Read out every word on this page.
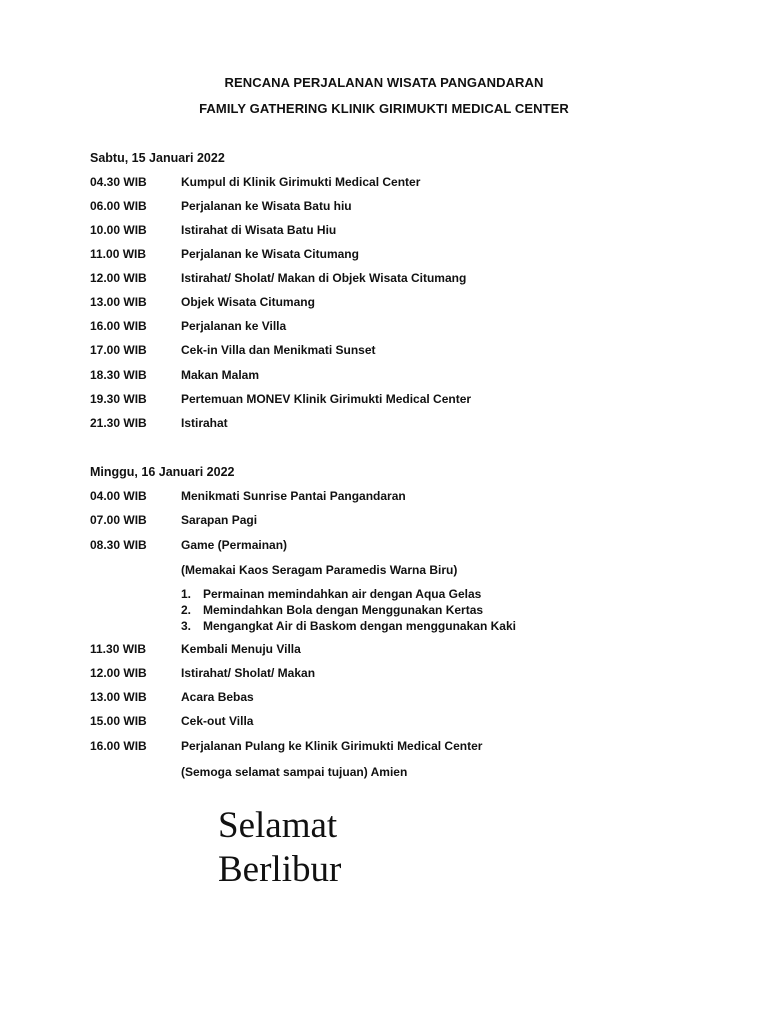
RENCANA PERJALANAN WISATA PANGANDARAN
FAMILY GATHERING KLINIK GIRIMUKTI MEDICAL CENTER
Sabtu, 15 Januari 2022
04.30 WIB	Kumpul di Klinik Girimukti Medical Center
06.00 WIB	Perjalanan ke Wisata Batu hiu
10.00 WIB	Istirahat di Wisata Batu Hiu
11.00 WIB	Perjalanan ke Wisata Citumang
12.00 WIB	Istirahat/ Sholat/ Makan di Objek Wisata Citumang
13.00 WIB	Objek Wisata Citumang
16.00 WIB	Perjalanan ke Villa
17.00 WIB	Cek-in Villa dan Menikmati Sunset
18.30 WIB	Makan Malam
19.30 WIB	Pertemuan MONEV Klinik Girimukti Medical Center
21.30 WIB	Istirahat
Minggu, 16 Januari 2022
04.00 WIB	Menikmati Sunrise Pantai Pangandaran
07.00 WIB	Sarapan Pagi
08.30 WIB	Game (Permainan)
(Memakai Kaos Seragam Paramedis Warna Biru)
1. Permainan memindahkan air dengan Aqua Gelas
2. Memindahkan Bola dengan Menggunakan Kertas
3. Mengangkat Air di Baskom dengan menggunakan Kaki
11.30 WIB	Kembali Menuju Villa
12.00 WIB	Istirahat/ Sholat/ Makan
13.00 WIB	Acara Bebas
15.00 WIB	Cek-out Villa
16.00 WIB	Perjalanan Pulang ke Klinik Girimukti Medical Center
(Semoga selamat sampai tujuan) Amien
Selamat
Berlibur
